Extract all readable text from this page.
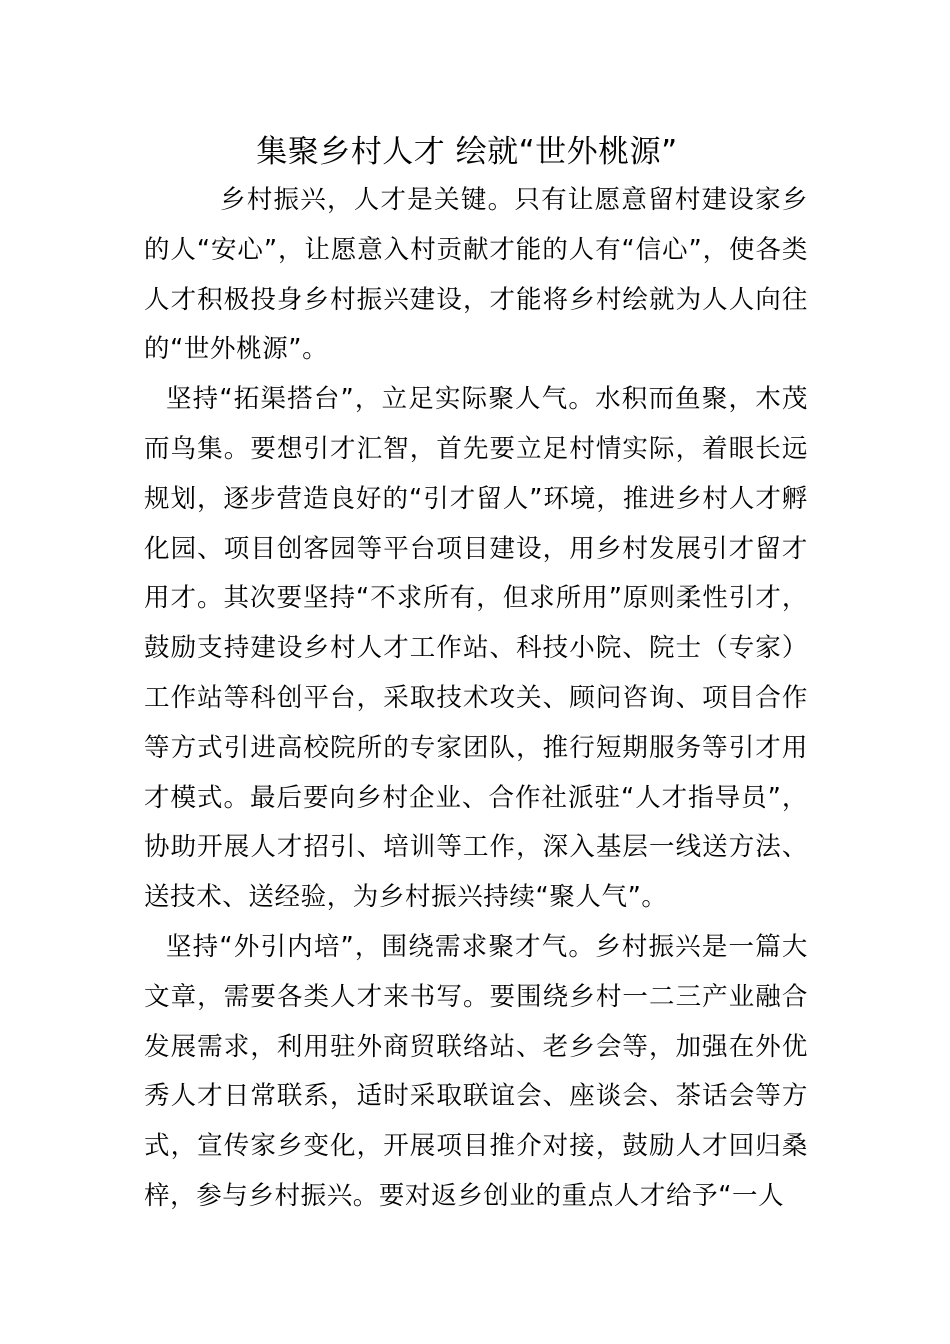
集聚乡村人才 绘就“世外桃源”

乡村振兴，人才是关键。只有让愿意留村建设家乡的人“安心”，让愿意入村贡献才能的人有“信心”，使各类人才积极投身乡村振兴建设，才能将乡村绘就为人人向往的“世外桃源”。

坚持“拓渠搭台”，立足实际聚人气。水积而鱼聚，木茂而鸟集。要想引才汇智，首先要立足村情实际，着眼长远规划，逐步营造良好的“引才留人”环境，推进乡村人才孵化园、项目创客园等平台项目建设，用乡村发展引才留才用才。其次要坚持“不求所有，但求所用”原则柔性引才，鼓励支持建设乡村人才工作站、科技小院、院士（专家）工作站等科创平台，采取技术攻关、顾问咨询、项目合作等方式引进高校院所的专家团队，推行短期服务等引才用才模式。最后要向乡村企业、合作社派驻“人才指导员”，协助开展人才招引、培训等工作，深入基层一线送方法、送技术、送经验，为乡村振兴持续“聚人气”。

坚持“外引内培”，围绕需求聚才气。乡村振兴是一篇大文章，需要各类人才来书写。要围绕乡村一二三产业融合发展需求，利用驻外商贸联络站、老乡会等，加强在外优秀人才日常联系，适时采取联谊会、座谈会、茶话会等方式，宣传家乡变化，开展项目推介对接，鼓励人才回归桑梓，参与乡村振兴。要对返乡创业的重点人才给予“一人
